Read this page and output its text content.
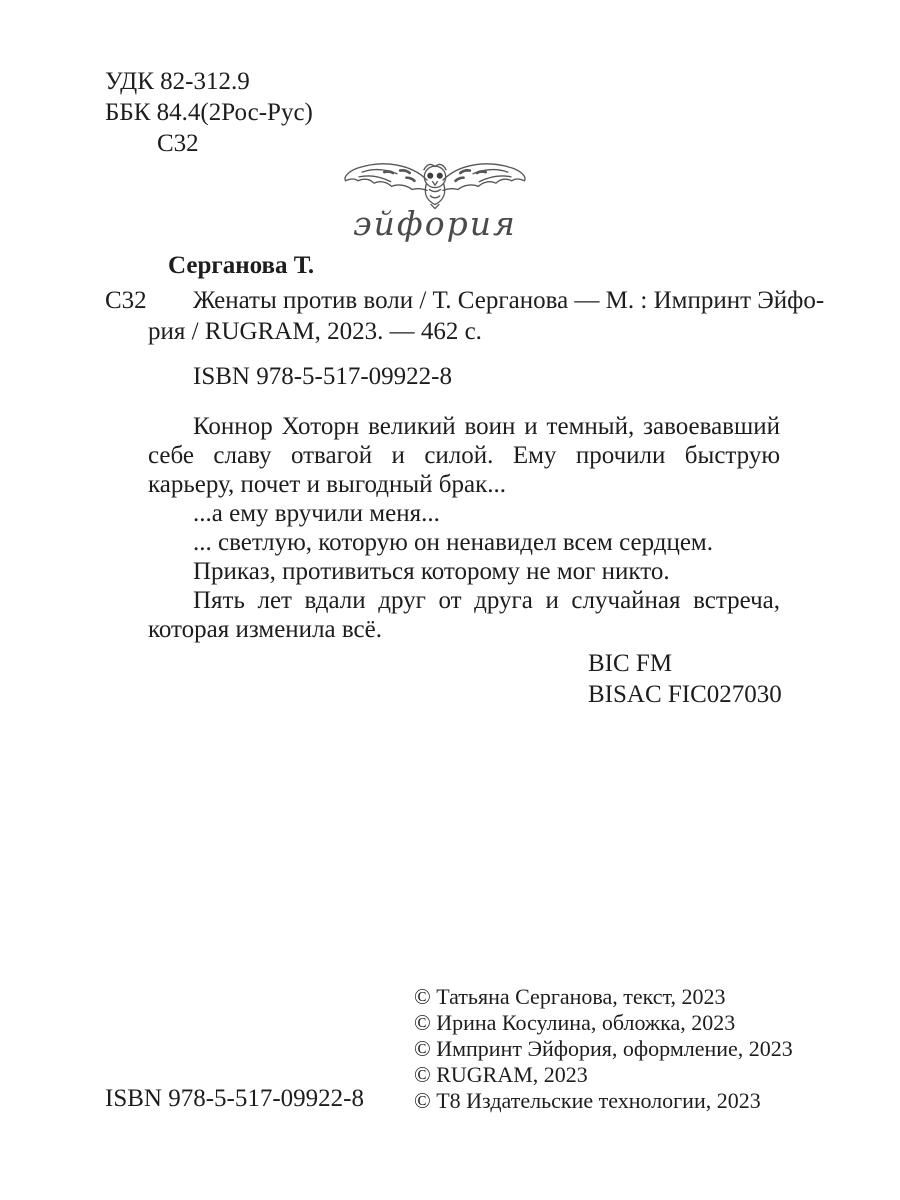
УДК 82-312.9
ББК 84.4(2Рос-Рус)
С32
эйфория
Серганова Т.
С32	Женаты против воли / Т. Серганова — М. : Импринт Эйфо-
рия / RUGRAM, 2023. — 462 с.
ISBN 978-5-517-09922-8

Коннор Хоторн великий воин и темный, завоевавший себе славу отвагой и силой. Ему прочили быструю карьеру, почет и выгодный брак...

...а ему вручили меня...

... светлую, которую он ненавидел всем сердцем.

Приказ, противиться которому не мог никто.

Пять лет вдали друг от друга и случайная встреча, которая изменила всё.

BIC FM
BISAC FIC027030
© Татьяна Серганова, текст, 2023
© Ирина Косулина, обложка, 2023
© Импринт Эйфория, оформление, 2023
© RUGRAM, 2023
© Т8 Издательские технологии, 2023
ISBN 978-5-517-09922-8
